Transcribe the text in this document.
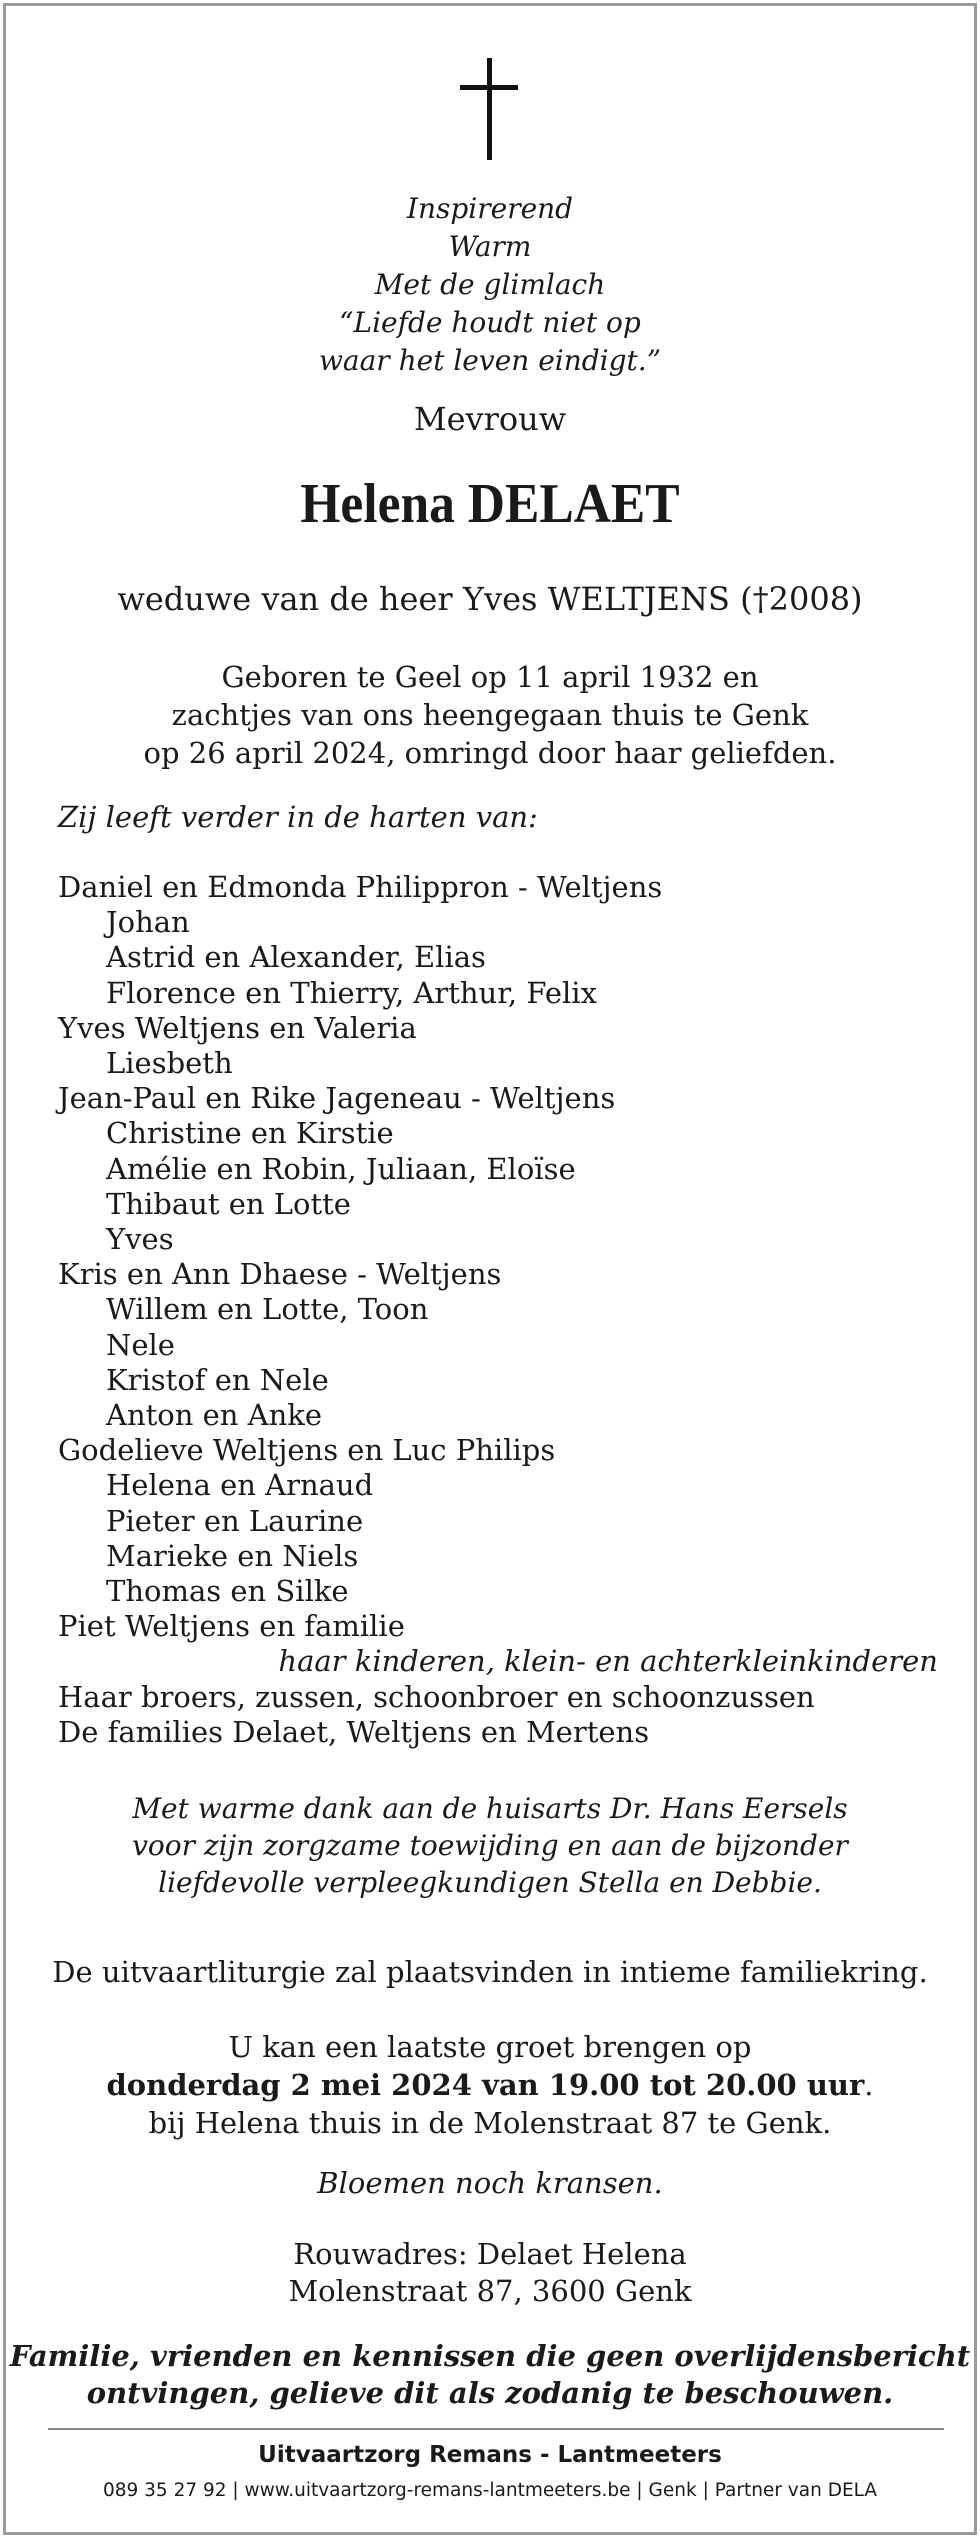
Inspirerend
Warm
Met de glimlach
“Liefde houdt niet op
waar het leven eindigt.”
Mevrouw
Helena DELAET
weduwe van de heer Yves WELTJENS (†2008)
Geboren te Geel op 11 april 1932 en
zachtjes van ons heengegaan thuis te Genk
op 26 april 2024, omringd door haar geliefden.
Zij leeft verder in de harten van:
Daniel en Edmonda Philippron - Weltjens
Johan
Astrid en Alexander, Elias
Florence en Thierry, Arthur, Felix
Yves Weltjens en Valeria
Liesbeth
Jean-Paul en Rike Jageneau - Weltjens
Christine en Kirstie
Amélie en Robin, Juliaan, Eloïse
Thibaut en Lotte
Yves
Kris en Ann Dhaese - Weltjens
Willem en Lotte, Toon
Nele
Kristof en Nele
Anton en Anke
Godelieve Weltjens en Luc Philips
Helena en Arnaud
Pieter en Laurine
Marieke en Niels
Thomas en Silke
Piet Weltjens en familie
haar kinderen, klein- en achterkleinkinderen
Haar broers, zussen, schoonbroer en schoonzussen
De families Delaet, Weltjens en Mertens
Met warme dank aan de huisarts Dr. Hans Eersels
voor zijn zorgzame toewijding en aan de bijzonder
liefdevolle verpleegkundigen Stella en Debbie.
De uitvaartliturgie zal plaatsvinden in intieme familiekring.
U kan een laatste groet brengen op
donderdag 2 mei 2024 van 19.00 tot 20.00 uur.
bij Helena thuis in de Molenstraat 87 te Genk.
Bloemen noch kransen.
Rouwadres: Delaet Helena
Molenstraat 87, 3600 Genk
Familie, vrienden en kennissen die geen overlijdensbericht
ontvingen, gelieve dit als zodanig te beschouwen.
Uitvaartzorg Remans - Lantmeeters
089 35 27 92 | www.uitvaartzorg-remans-lantmeeters.be | Genk | Partner van DELA
